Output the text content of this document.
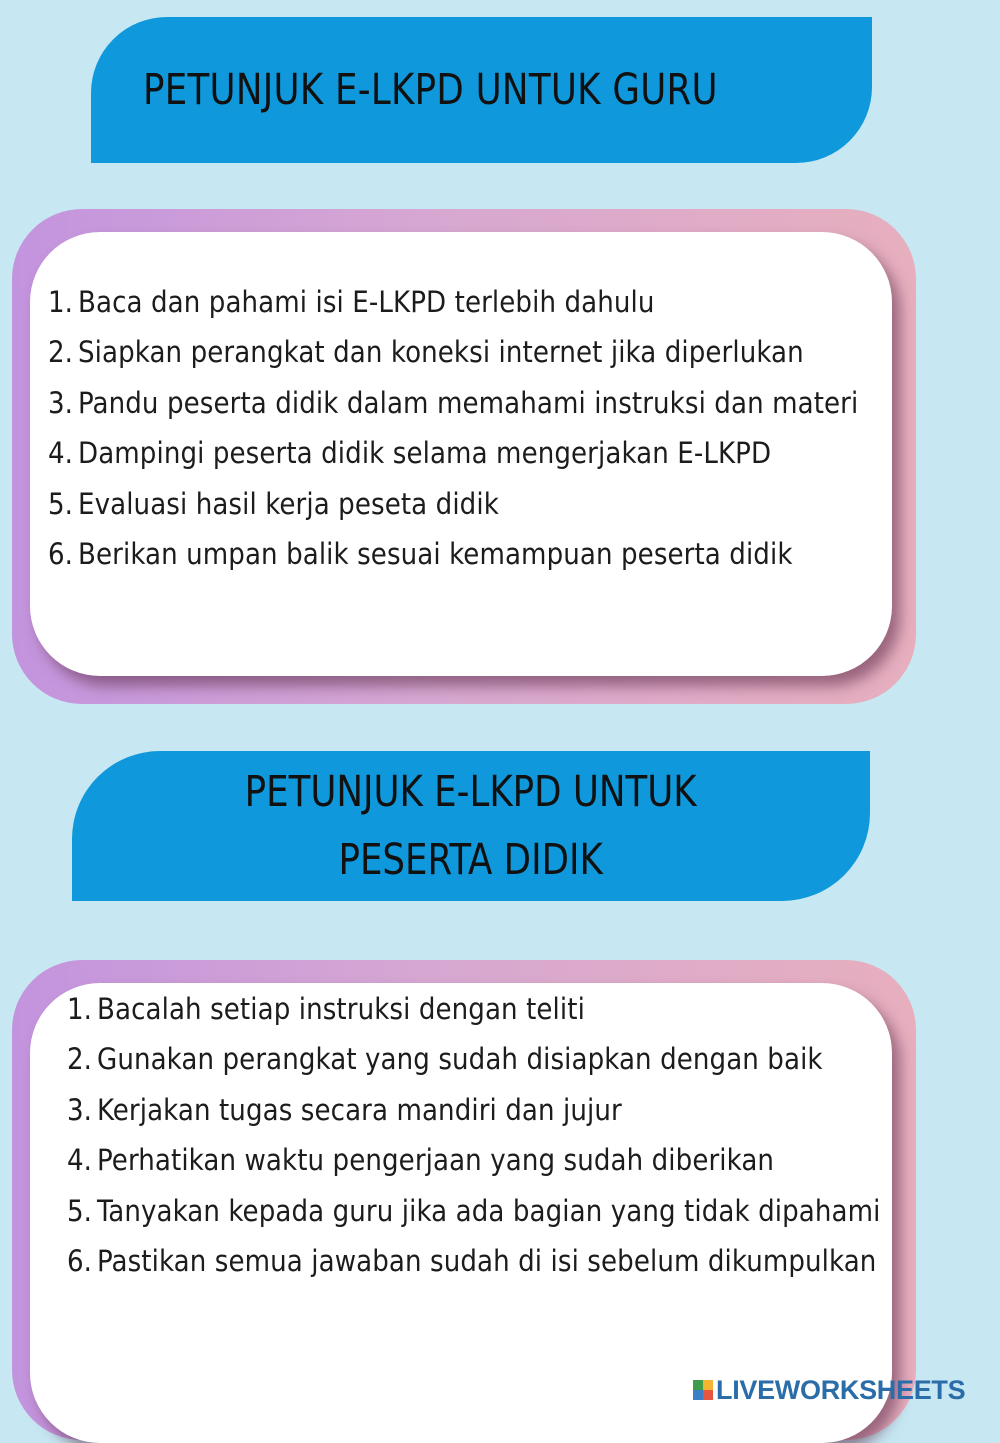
PETUNJUK E-LKPD UNTUK GURU
1. Baca dan pahami isi E-LKPD terlebih dahulu
2. Siapkan perangkat dan koneksi internet jika diperlukan
3. Pandu peserta didik dalam memahami instruksi dan materi
4. Dampingi peserta didik selama mengerjakan E-LKPD
5. Evaluasi hasil kerja peseta didik
6. Berikan umpan balik sesuai kemampuan peserta didik
PETUNJUK E-LKPD UNTUK
PESERTA DIDIK
1. Bacalah setiap instruksi dengan teliti
2. Gunakan perangkat yang sudah disiapkan dengan baik
3. Kerjakan tugas secara mandiri dan jujur
4. Perhatikan waktu pengerjaan yang sudah diberikan
5. Tanyakan kepada guru jika ada bagian yang tidak dipahami
6. Pastikan semua jawaban sudah di isi sebelum dikumpulkan
LIVEWORKSHEETS
